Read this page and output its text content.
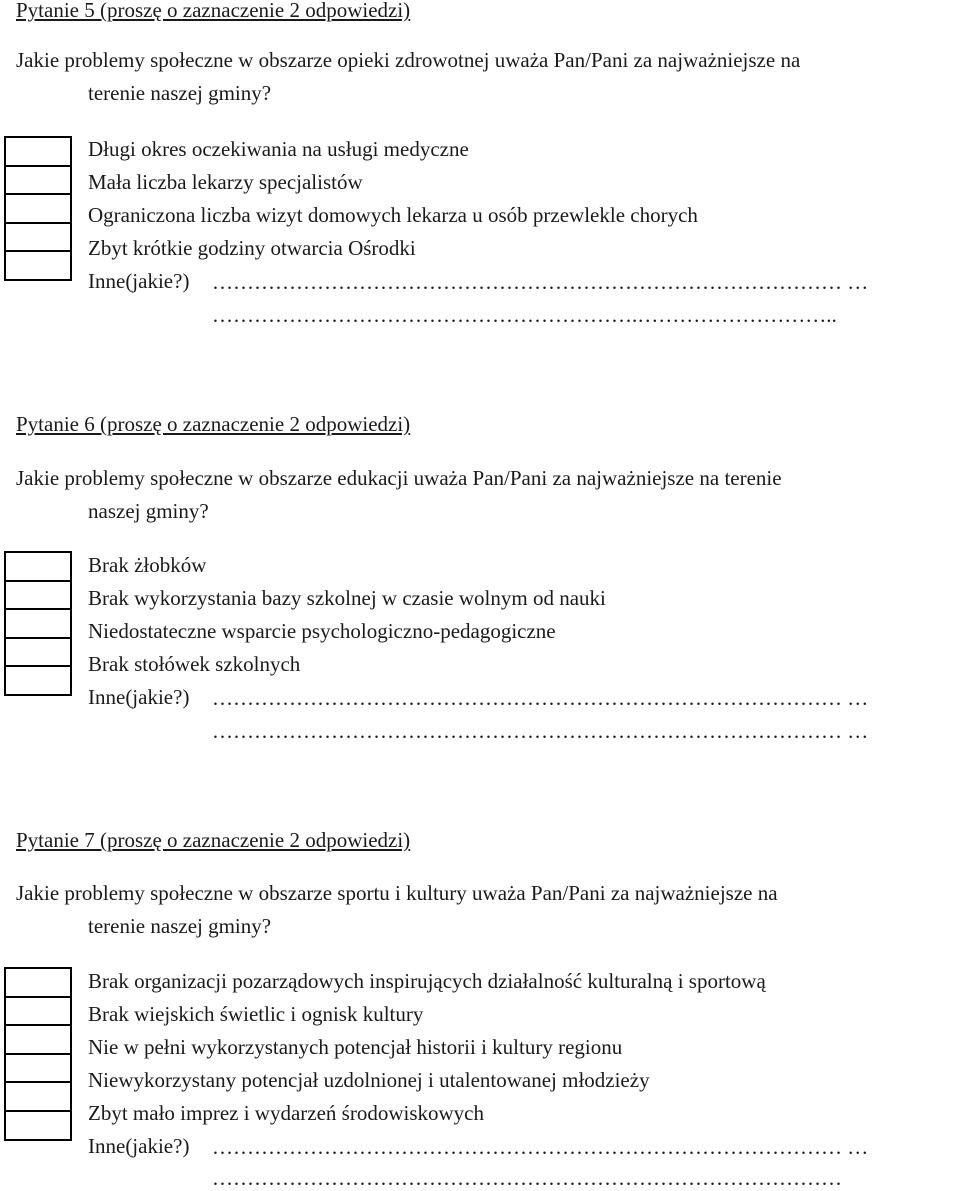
Pytanie 5 (proszę o zaznaczenie 2 odpowiedzi)
Jakie problemy społeczne w obszarze opieki zdrowotnej uważa Pan/Pani za najważniejsze na
terenie naszej gminy?
Długi okres oczekiwania na usługi medyczne
Mała liczba lekarzy specjalistów
Ograniczona liczba wizyt domowych lekarza u osób przewlekle chorych
Zbyt krótkie godziny otwarcia Ośrodki
Inne(jakie?)	……………………………………………………………………………… …
…………………………………………………….………………………..
Pytanie 6 (proszę o zaznaczenie 2 odpowiedzi)
Jakie problemy społeczne w obszarze edukacji uważa Pan/Pani za najważniejsze na terenie
naszej gminy?
Brak żłobków
Brak wykorzystania bazy szkolnej w czasie wolnym od nauki
Niedostateczne wsparcie psychologiczno-pedagogiczne
Brak stołówek szkolnych
Inne(jakie?)	……………………………………………………………………………… …
……………………………………………………………………………… …
Pytanie 7 (proszę o zaznaczenie 2 odpowiedzi)
Jakie problemy społeczne w obszarze sportu i kultury uważa Pan/Pani za najważniejsze na
terenie naszej gminy?
Brak organizacji pozarządowych inspirujących działalność kulturalną i sportową
Brak wiejskich świetlic i ognisk kultury
Nie w pełni wykorzystanych potencjał historii i kultury regionu
Niewykorzystany potencjał uzdolnionej i utalentowanej młodzieży
Zbyt mało imprez i wydarzeń środowiskowych
Inne(jakie?)	……………………………………………………………………………… …
………………………………………………………………………………
